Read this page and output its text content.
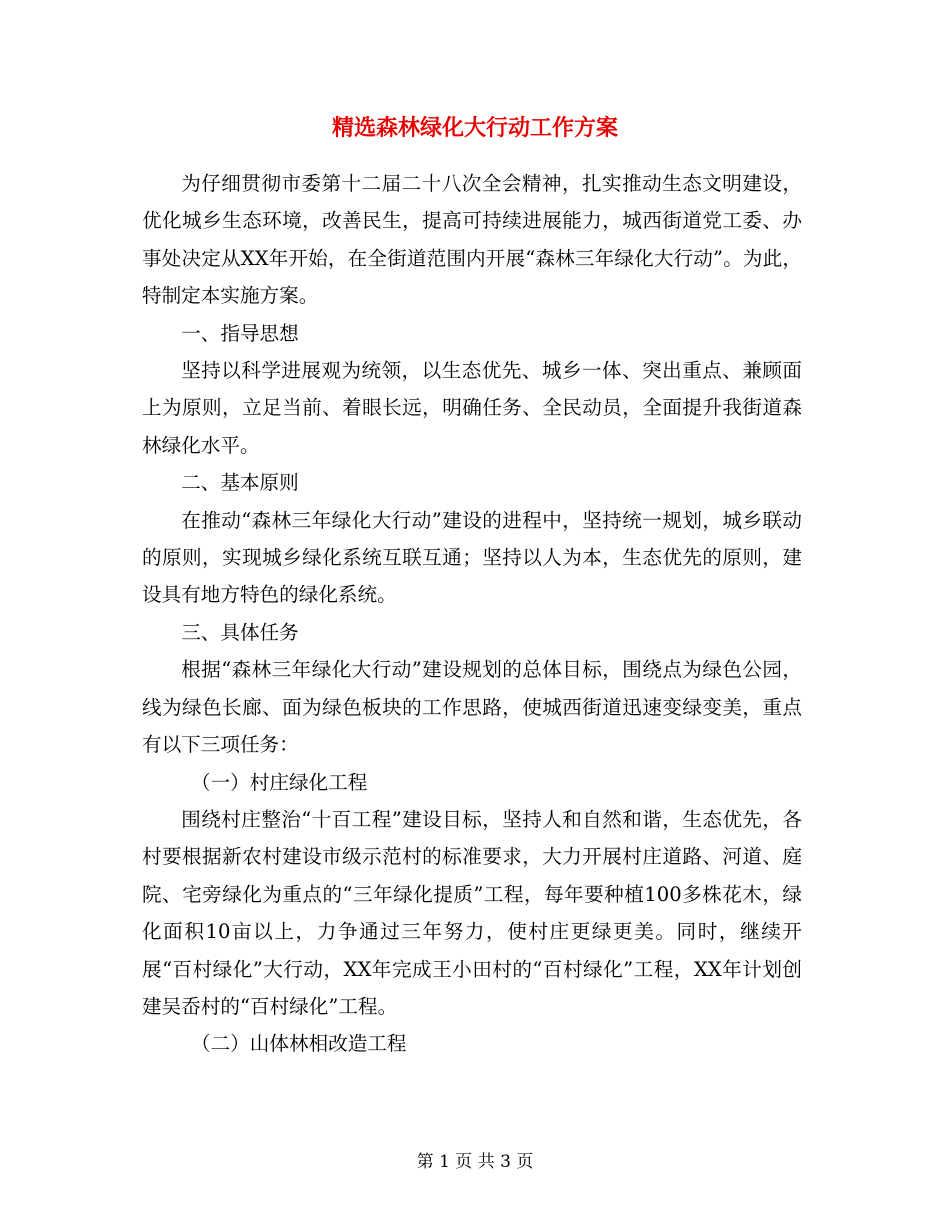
精选森林绿化大行动工作方案

为仔细贯彻市委第十二届二十八次全会精神，扎实推动生态文明建设，优化城乡生态环境，改善民生，提高可持续进展能力，城西街道党工委、办事处决定从XX年开始，在全街道范围内开展“森林三年绿化大行动”。为此，特制定本实施方案。

一、指导思想

坚持以科学进展观为统领，以生态优先、城乡一体、突出重点、兼顾面上为原则，立足当前、着眼长远，明确任务、全民动员，全面提升我街道森林绿化水平。

二、基本原则

在推动“森林三年绿化大行动”建设的进程中，坚持统一规划，城乡联动的原则，实现城乡绿化系统互联互通；坚持以人为本，生态优先的原则，建设具有地方特色的绿化系统。

三、具体任务

根据“森林三年绿化大行动”建设规划的总体目标，围绕点为绿色公园，线为绿色长廊、面为绿色板块的工作思路，使城西街道迅速变绿变美，重点有以下三项任务：

（一）村庄绿化工程

围绕村庄整治“十百工程”建设目标，坚持人和自然和谐，生态优先，各村要根据新农村建设市级示范村的标准要求，大力开展村庄道路、河道、庭院、宅旁绿化为重点的“三年绿化提质”工程，每年要种植100多株花木，绿化面积10亩以上，力争通过三年努力，使村庄更绿更美。同时，继续开展“百村绿化”大行动，XX年完成王小田村的“百村绿化”工程，XX年计划创建吴岙村的“百村绿化”工程。

（二）山体林相改造工程

第 1 页 共 3 页
